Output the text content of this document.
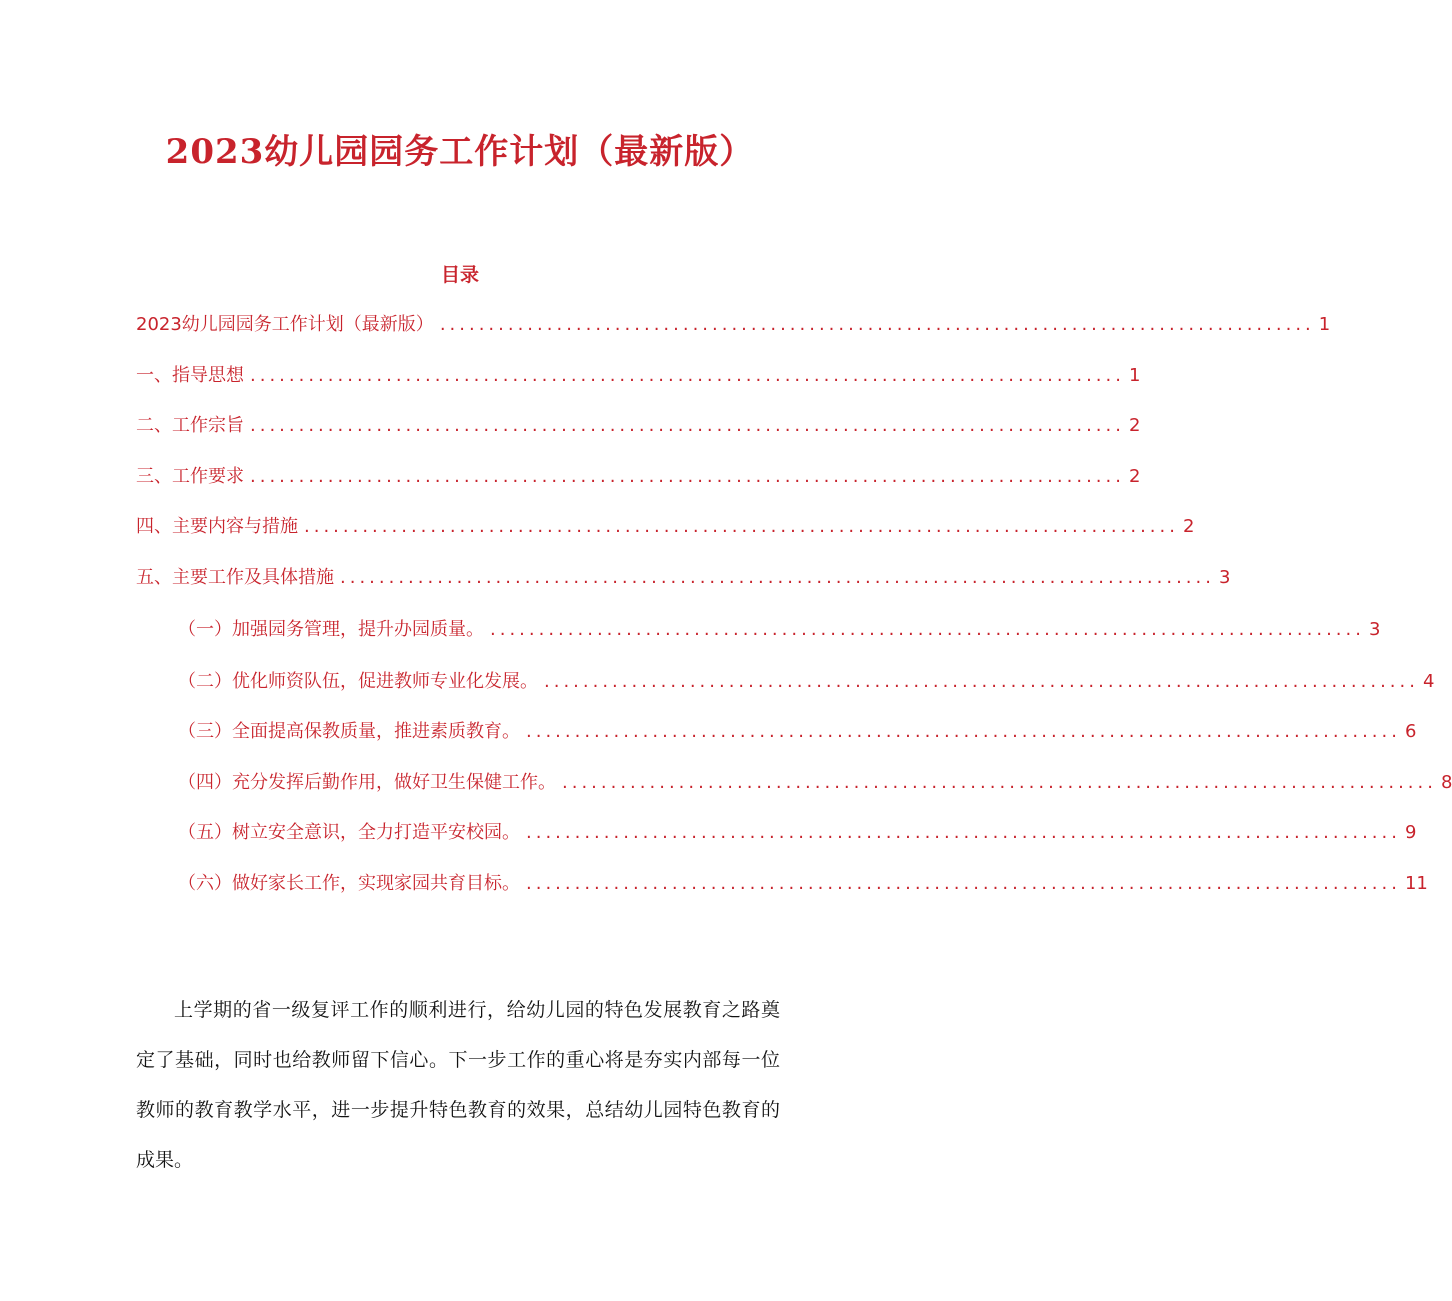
2023幼儿园园务工作计划（最新版）
目录
2023幼儿园园务工作计划（最新版） .......................................................................................... 1
一、指导思想 .......................................................................................... 1
二、工作宗旨 .......................................................................................... 2
三、工作要求 .......................................................................................... 2
四、主要内容与措施 .......................................................................................... 2
五、主要工作及具体措施 .......................................................................................... 3
（一）加强园务管理，提升办园质量。 .......................................................................................... 3
（二）优化师资队伍，促进教师专业化发展。 .......................................................................................... 4
（三）全面提高保教质量，推进素质教育。 .......................................................................................... 6
（四）充分发挥后勤作用，做好卫生保健工作。 .......................................................................................... 8
（五）树立安全意识，全力打造平安校园。 .......................................................................................... 9
（六）做好家长工作，实现家园共育目标。 .......................................................................................... 11

上学期的省一级复评工作的顺利进行，给幼儿园的特色发展教育之路奠定了基础，同时也给教师留下信心。下一步工作的重心将是夯实内部每一位教师的教育教学水平，进一步提升特色教育的效果，总结幼儿园特色教育的成果。
